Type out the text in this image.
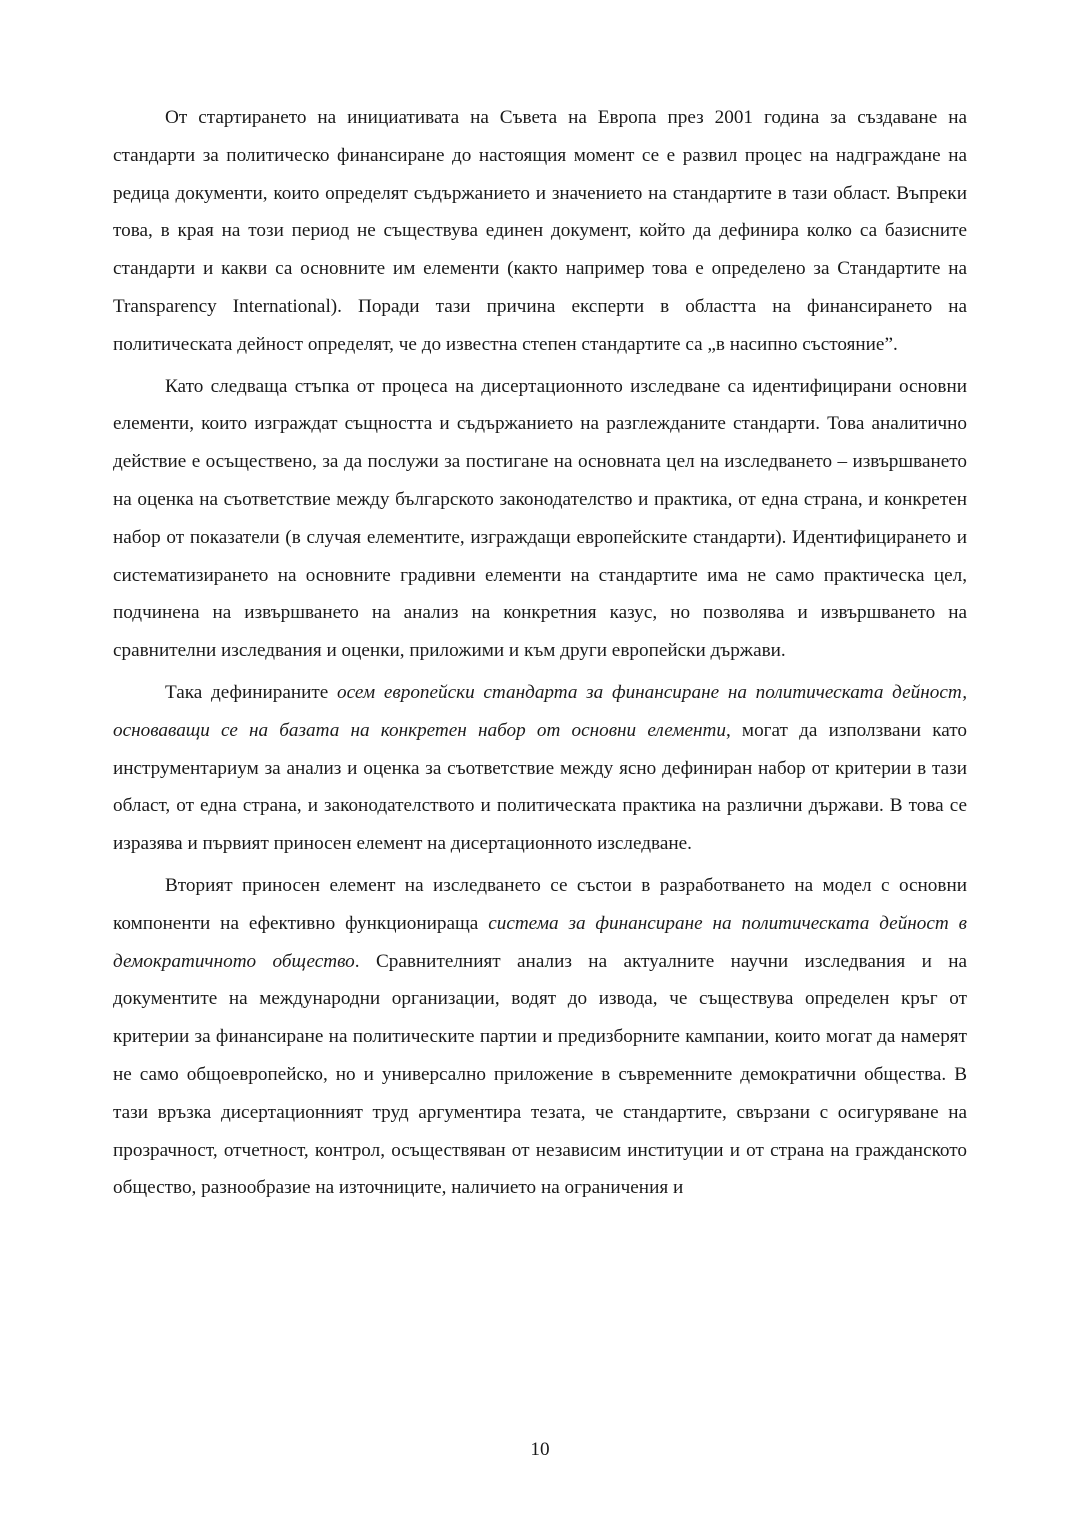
От стартирането на инициативата на Съвета на Европа през 2001 година за създаване на стандарти за политическо финансиране до настоящия момент се е развил процес на надграждане на редица документи, които определят съдържанието и значението на стандартите в тази област. Въпреки това, в края на този период не съществува единен документ, който да дефинира колко са базисните стандарти и какви са основните им елементи (както например това е определено за Стандартите на Transparency International). Поради тази причина експерти в областта на финансирането на политическата дейност определят, че до известна степен стандартите са „в насипно състояние”.

Като следваща стъпка от процеса на дисертационното изследване са идентифицирани основни елементи, които изграждат същността и съдържанието на разглежданите стандарти. Това аналитично действие е осъществено, за да послужи за постигане на основната цел на изследването – извършването на оценка на съответствие между българското законодателство и практика, от една страна, и конкретен набор от показатели (в случая елементите, изграждащи европейските стандарти). Идентифицирането и систематизирането на основните градивни елементи на стандартите има не само практическа цел, подчинена на извършването на анализ на конкретния казус, но позволява и извършването на сравнителни изследвания и оценки, приложими и към други европейски държави.

Така дефинираните осем европейски стандарта за финансиране на политическата дейност, основаващи се на базата на конкретен набор от основни елементи, могат да използвани като инструментариум за анализ и оценка за съответствие между ясно дефиниран набор от критерии в тази област, от една страна, и законодателството и политическата практика на различни държави. В това се изразява и първият приносен елемент на дисертационното изследване.

Вторият приносен елемент на изследването се състои в разработването на модел с основни компоненти на ефективно функционираща система за финансиране на политическата дейност в демократичното общество. Сравнителният анализ на актуалните научни изследвания и на документите на международни организации, водят до извода, че съществува определен кръг от критерии за финансиране на политическите партии и предизборните кампании, които могат да намерят не само общоевропейско, но и универсално приложение в съвременните демократични общества. В тази връзка дисертационният труд аргументира тезата, че стандартите, свързани с осигуряване на прозрачност, отчетност, контрол, осъществяван от независим институции и от страна на гражданското общество, разнообразие на източниците, наличието на ограничения и

10
